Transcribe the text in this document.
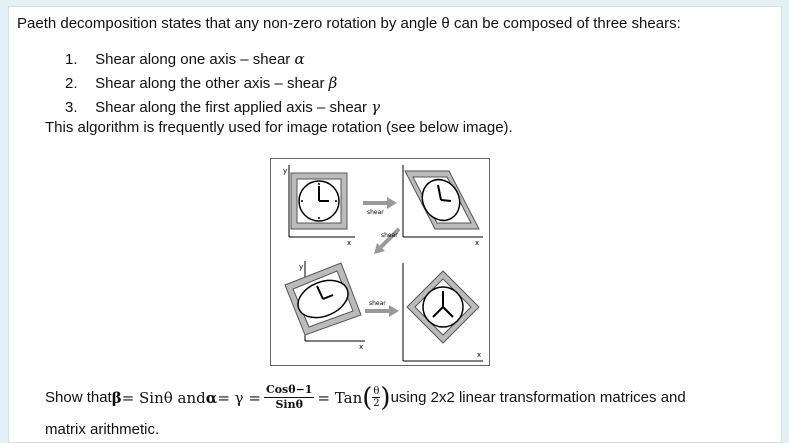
Paeth decomposition states that any non-zero rotation by angle θ can be composed of three shears:
1. Shear along one axis – shear α
2. Shear along the other axis – shear β
3. Shear along the first applied axis – shear γ
This algorithm is frequently used for image rotation (see below image).
y
x
shear
x
shear
y
x
shear
x
Show that β = Sinθ and $\alpha = \gamma = \frac{\text{Cosθ−1}}{\text{Sinθ}}$ = Tan ( $\frac{\theta}{2}$ ) using 2x2 linear transformation matrices and
matrix arithmetic.
